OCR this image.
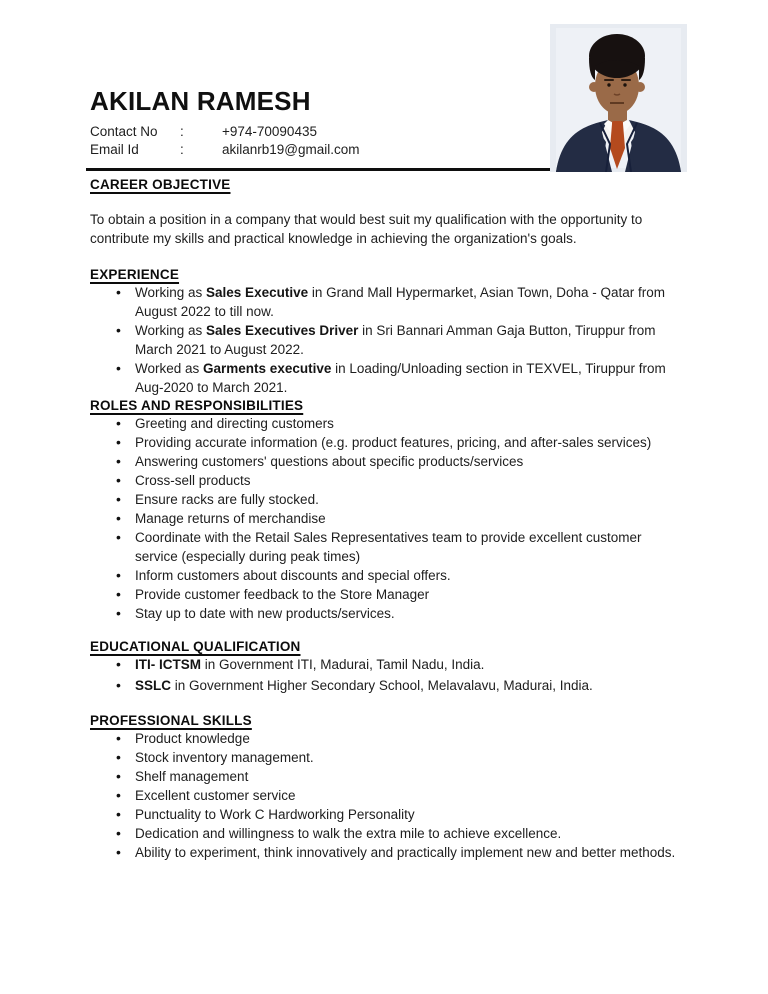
AKILAN RAMESH
Contact No	:	+974-70090435
Email Id	:	akilanrb19@gmail.com
CAREER OBJECTIVE

To obtain a position in a company that would best suit my qualification with the opportunity to contribute my skills and practical knowledge in achieving the organization's goals.

EXPERIENCE
• Working as Sales Executive in Grand Mall Hypermarket, Asian Town, Doha - Qatar from August 2022 to till now.
• Working as Sales Executives Driver in Sri Bannari Amman Gaja Button, Tiruppur from March 2021 to August 2022.
• Worked as Garments executive in Loading/Unloading section in TEXVEL, Tiruppur from Aug-2020 to March 2021.
ROLES AND RESPONSIBILITIES
• Greeting and directing customers
• Providing accurate information (e.g. product features, pricing, and after-sales services)
• Answering customers' questions about specific products/services
• Cross-sell products
• Ensure racks are fully stocked.
• Manage returns of merchandise
• Coordinate with the Retail Sales Representatives team to provide excellent customer service (especially during peak times)
• Inform customers about discounts and special offers.
• Provide customer feedback to the Store Manager
• Stay up to date with new products/services.
EDUCATIONAL QUALIFICATION
• ITI- ICTSM in Government ITI, Madurai, Tamil Nadu, India.
• SSLC in Government Higher Secondary School, Melavalavu, Madurai, India.
PROFESSIONAL SKILLS
• Product knowledge
• Stock inventory management.
• Shelf management
• Excellent customer service
• Punctuality to Work C Hardworking Personality
• Dedication and willingness to walk the extra mile to achieve excellence.
• Ability to experiment, think innovatively and practically implement new and better methods.
